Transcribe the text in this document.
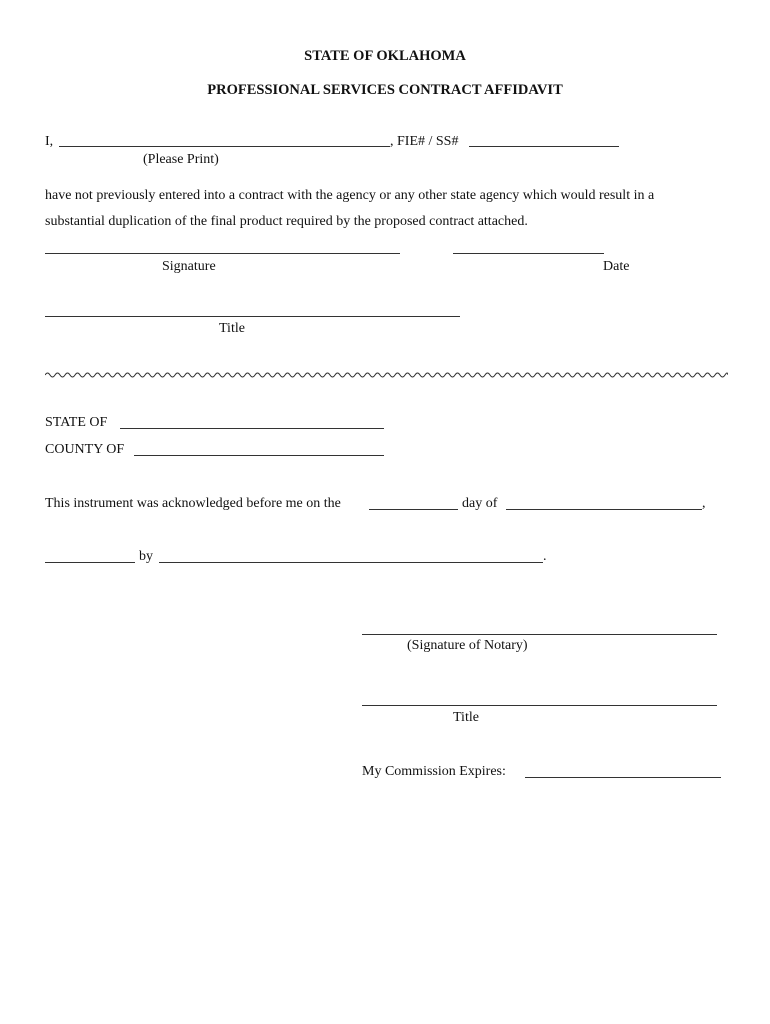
STATE OF OKLAHOMA
PROFESSIONAL SERVICES CONTRACT AFFIDAVIT
I,	, FIE# / SS#
(Please Print)
have not previously entered into a contract with the agency or any other state agency which would result in a
substantial duplication of the final product required by the proposed contract attached.
Signature	Date
Title
STATE OF
COUNTY OF
This instrument was acknowledged before me on the	day of	,
by	.
(Signature of Notary)
Title
My Commission Expires:
